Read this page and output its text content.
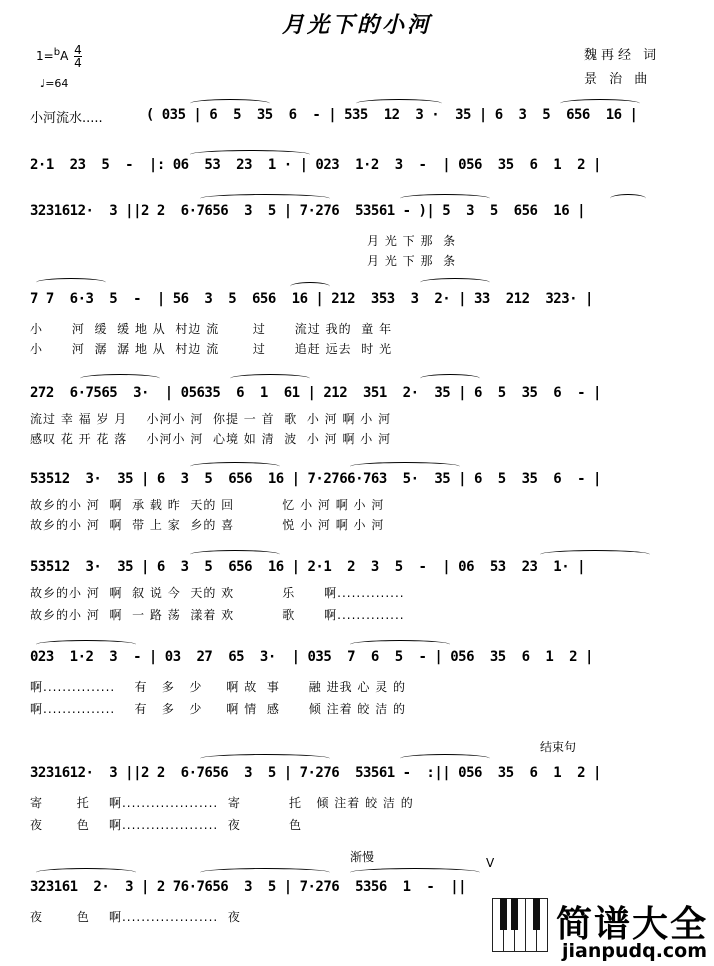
月光下的小河
$1=^bA \frac{4}{4}$
♩=64
魏再经 词
景 治 曲
小河流水.....
结束句
渐慢	V
( 035 | 6  5  35  6  - | 535  12  3 ·  35 | 6  3  5  656  16 |
2·1  23  5  -  |: 06  53  23  1 · | 023  1·2  3  -  | 056  35  6  1  2 |
3231612·  3 ||2 2  6·7656  3  5 | 7·276  53561 - )| 5  3  5  656  16 |
月 光 下 那  条
月 光 下 那  条
7 7  6·3  5  -  | 56  3  5  656  16 | 212  353  3  2· | 33  212  323· |
小      河  缓  缓 地 从  村边 流       过      流过 我的  童 年
小      河  潺  潺 地 从  村边 流       过      追赶 远去  时 光
272  6·7565  3·  | 05635  6  1  61 | 212  351  2·  35 | 6  5  35  6  - |
流过 幸 福 岁 月    小河小 河  你提 一 首  歌  小 河 啊 小 河
感叹 花 开 花 落    小河小 河  心境 如 清  波  小 河 啊 小 河
53512  3·  35 | 6  3  5  656  16 | 7·2766·763  5·  35 | 6  5  35  6  - |
故乡的小 河  啊  承 载 昨  天的 回          忆 小 河 啊 小 河
故乡的小 河  啊  带 上 家  乡的 喜          悦 小 河 啊 小 河
53512  3·  35 | 6  3  5  656  16 | 2·1  2  3  5  -  | 06  53  23  1· |
故乡的小 河  啊  叙 说 今  天的 欢          乐      啊..............
故乡的小 河  啊  一 路 荡  漾着 欢          歌      啊..............
023  1·2  3  - | 03  27  65  3·  | 035  7  6  5  - | 056  35  6  1  2 |
啊...............    有   多   少     啊 故  事      融 进我 心 灵 的
啊...............    有   多   少     啊 情  感      倾 注着 皎 洁 的
3231612·  3 ||2 2  6·7656  3  5 | 7·276  53561 -  :|| 056  35  6  1  2 |
寄       托    啊....................  寄          托   倾 注着 皎 洁 的
夜       色    啊....................  夜          色
323161  2·  3 | 2 76·7656  3  5 | 7·276  5356  1  -  ||
夜       色    啊....................  夜	简谱大全
jianpudq.com
